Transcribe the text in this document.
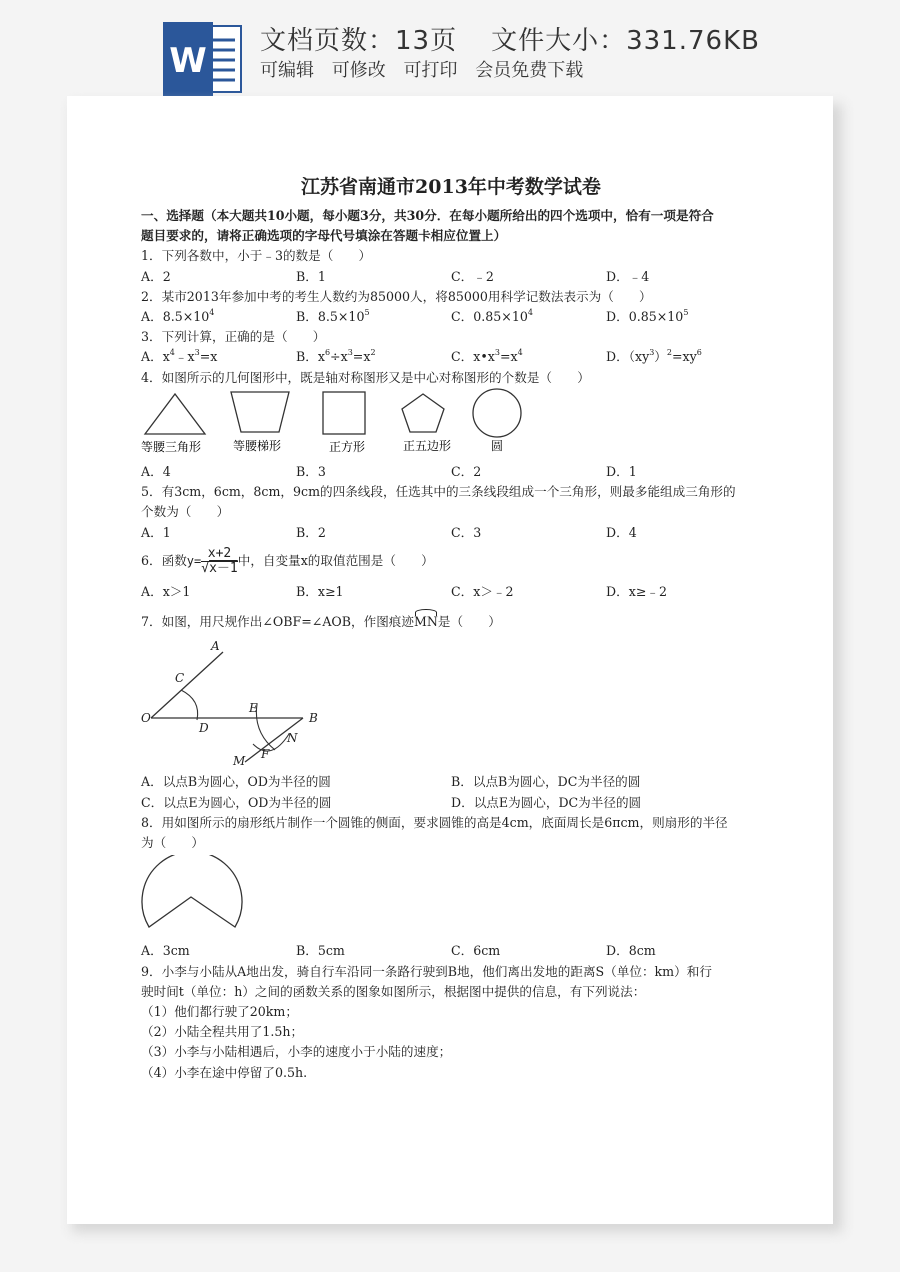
W 文档页数：13页 文件大小：331.76KB
可编辑 可修改 可打印 会员免费下载
江苏省南通市2013年中考数学试卷
一、选择题（本大题共10小题，每小题3分，共30分．在每小题所给出的四个选项中，恰有一项是符合
题目要求的，请将正确选项的字母代号填涂在答题卡相应位置上）
1．下列各数中，小于﹣3的数是（　　）
A．2	B．1	C．﹣2	D．﹣4
2．某市2013年参加中考的考生人数约为85000人，将85000用科学记数法表示为（　　）
A．$8.5\times 10^4$	B．$8.5\times 10^5$	C．$0.85\times 10^4$	D．$0.85\times 10^5$
3．下列计算，正确的是（　　）
A．$x^4﹣x^3=x$	B．$x^6\div x^3=x^2$	C．$x•x^3=x^4$	D．$(xy^3)^2=xy^6$
4．如图所示的几何图形中，既是轴对称图形又是中心对称图形的个数是（　　）
等腰三角形	等腰梯形	正方形	正五边形	圆
A．4	B．3	C．2	D．1
5．有3cm，6cm，8cm，9cm的四条线段，任选其中的三条线段组成一个三角形，则最多能组成三角形的
个数为（　　）
A．1	B．2	C．3	D．4
6．函数$y= \frac{x+2}{√x-1}$ 中，自变量x的取值范围是（　　）
A．x＞1	B．x≥1	C．x＞﹣2	D．x≥﹣2
7．如图，用尺规作出∠OBF=∠AOB，作图痕迹MN是（　　）
A
C
O
D
E
B
N
F
M
A．以点B为圆心，OD为半径的圆	B．以点B为圆心，DC为半径的圆
C．以点E为圆心，OD为半径的圆	D．以点E为圆心，DC为半径的圆
8．用如图所示的扇形纸片制作一个圆锥的侧面，要求圆锥的高是4cm，底面周长是6πcm，则扇形的半径
为（　　）
A．3cm	B．5cm	C．6cm	D．8cm
9．小李与小陆从A地出发，骑自行车沿同一条路行驶到B地，他们离出发地的距离S（单位：km）和行
驶时间t（单位：h）之间的函数关系的图象如图所示，根据图中提供的信息，有下列说法：
（1）他们都行驶了20km；
（2）小陆全程共用了1.5h；
（3）小李与小陆相遇后，小李的速度小于小陆的速度；
（4）小李在途中停留了0.5h.
